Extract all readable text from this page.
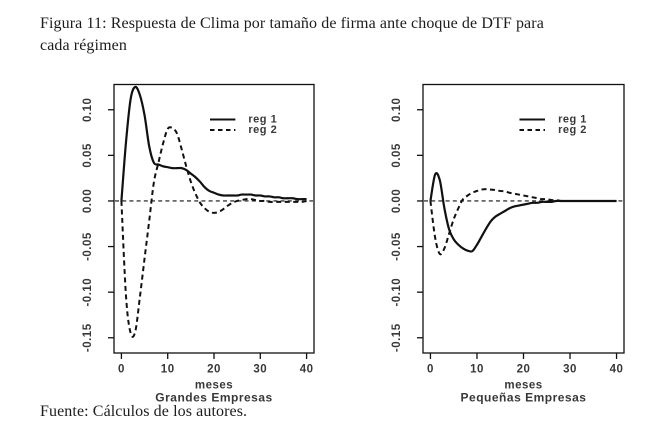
Figura 11: Respuesta de Clima por tamaño de firma ante choque de DTF para
cada régimen
0	10	20	30	40
-0.15
-0.10
-0.05
0.00
0.05
0.10
meses
Grandes Empresas
reg 1
reg 2
0	10	20	30	40
-0.15
-0.10
-0.05
0.00
0.05
0.10
meses
Pequeñas Empresas
reg 1
reg 2
Fuente: Cálculos de los autores.
